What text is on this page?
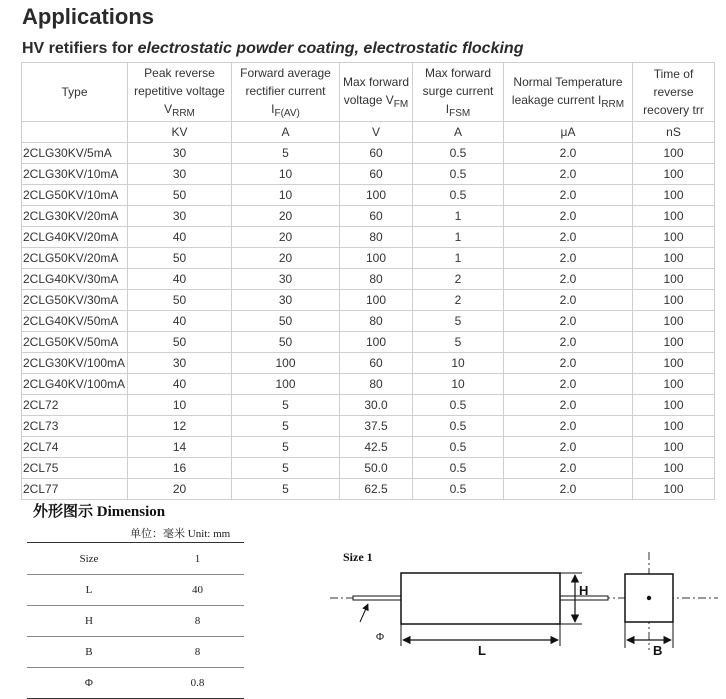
Applications
HV retifiers for electrostatic powder coating, electrostatic flocking
Type	Peak reverse repetitive voltage $V_{RRM}$	Forward average rectifier current $I_{F(AV)}$	Max forward voltage $V_{FM}$	Max forward surge current $I_{FSM}$	Normal Temperature leakage current $I_{RRM}$	Time of reverse recovery trr
	KV	A	V	A	μA	nS
2CLG30KV/5mA	30	5	60	0.5	2.0	100
2CLG30KV/10mA	30	10	60	0.5	2.0	100
2CLG50KV/10mA	50	10	100	0.5	2.0	100
2CLG30KV/20mA	30	20	60	1	2.0	100
2CLG40KV/20mA	40	20	80	1	2.0	100
2CLG50KV/20mA	50	20	100	1	2.0	100
2CLG40KV/30mA	40	30	80	2	2.0	100
2CLG50KV/30mA	50	30	100	2	2.0	100
2CLG40KV/50mA	40	50	80	5	2.0	100
2CLG50KV/50mA	50	50	100	5	2.0	100
2CLG30KV/100mA	30	100	60	10	2.0	100
2CLG40KV/100mA	40	100	80	10	2.0	100
2CL72	10	5	30.0	0.5	2.0	100
2CL73	12	5	37.5	0.5	2.0	100
2CL74	14	5	42.5	0.5	2.0	100
2CL75	16	5	50.0	0.5	2.0	100
2CL77	20	5	62.5	0.5	2.0	100
外形图示 Dimension
单位：毫米 Unit: mm
Size	1
L	40
H	8
B	8
Φ	0.8
Size 1
H
L	B
Φ
